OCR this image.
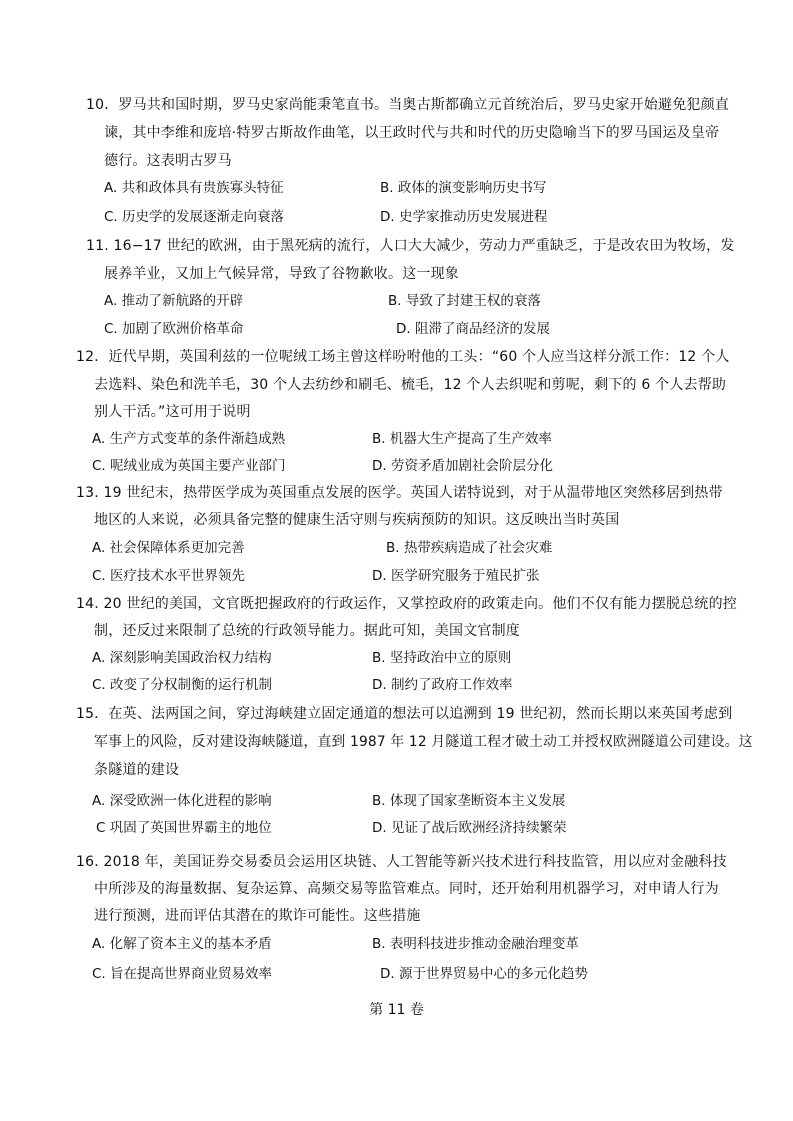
10．罗马共和国时期，罗马史家尚能秉笔直书。当奥古斯都确立元首统治后，罗马史家开始避免犯颜直
谏，其中李维和庞培·特罗古斯故作曲笔，以王政时代与共和时代的历史隐喻当下的罗马国运及皇帝
德行。这表明古罗马
A. 共和政体具有贵族寡头特征	B. 政体的演变影响历史书写
C. 历史学的发展逐渐走向衰落	D. 史学家推动历史发展进程
11. 16−17 世纪的欧洲，由于黑死病的流行，人口大大减少，劳动力严重缺乏，于是改农田为牧场，发
展养羊业，又加上气候异常，导致了谷物歉收。这一现象
A. 推动了新航路的开辟	B. 导致了封建王权的衰落
C. 加剧了欧洲价格革命	D. 阻滞了商品经济的发展
12．近代早期，英国利兹的一位呢绒工场主曾这样吩咐他的工头：“60 个人应当这样分派工作：12 个人
去选料、染色和洗羊毛，30 个人去纺纱和刷毛、梳毛，12 个人去织呢和剪呢，剩下的 6 个人去帮助
别人干活。”这可用于说明
A. 生产方式变革的条件渐趋成熟	B. 机器大生产提高了生产效率
C. 呢绒业成为英国主要产业部门	D. 劳资矛盾加剧社会阶层分化
13. 19 世纪末，热带医学成为英国重点发展的医学。英国人诺特说到，对于从温带地区突然移居到热带
地区的人来说，必须具备完整的健康生活守则与疾病预防的知识。这反映出当时英国
A. 社会保障体系更加完善	B. 热带疾病造成了社会灾难
C. 医疗技术水平世界领先	D. 医学研究服务于殖民扩张
14. 20 世纪的美国，文官既把握政府的行政运作，又掌控政府的政策走向。他们不仅有能力摆脱总统的控
制，还反过来限制了总统的行政领导能力。据此可知，美国文官制度
A. 深刻影响美国政治权力结构	B. 坚持政治中立的原则
C. 改变了分权制衡的运行机制	D. 制约了政府工作效率
15．在英、法两国之间，穿过海峡建立固定通道的想法可以追溯到 19 世纪初，然而长期以来英国考虑到
军事上的风险，反对建设海峡隧道，直到 1987 年 12 月隧道工程才破土动工并授权欧洲隧道公司建设。这
条隧道的建设
A. 深受欧洲一体化进程的影响	B. 体现了国家垄断资本主义发展
C 巩固了英国世界霸主的地位	D. 见证了战后欧洲经济持续繁荣
16. 2018 年，美国证券交易委员会运用区块链、人工智能等新兴技术进行科技监管，用以应对金融科技
中所涉及的海量数据、复杂运算、高频交易等监管难点。同时，还开始利用机器学习，对申请人行为
进行预测，进而评估其潜在的欺诈可能性。这些措施
A. 化解了资本主义的基本矛盾	B. 表明科技进步推动金融治理变革
C. 旨在提高世界商业贸易效率	D. 源于世界贸易中心的多元化趋势
第 11 卷
